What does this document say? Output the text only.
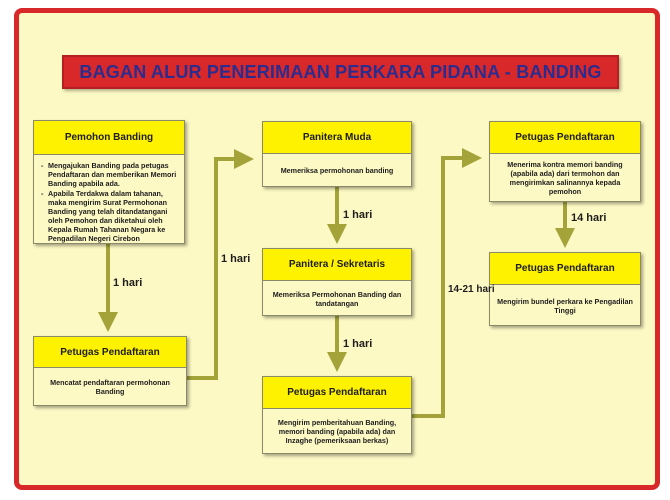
BAGAN ALUR PENERIMAAN PERKARA PIDANA - BANDING
Pemohon Banding
- Mengajukan Banding pada petugas Pendaftaran dan memberikan Memori Banding apabila ada.
- Apabila Terdakwa dalam tahanan, maka mengirim Surat Permohonan Banding yang telah ditandatangani oleh Pemohon dan diketahui oleh Kepala Rumah Tahanan Negara ke Pengadilan Negeri Cirebon
Petugas Pendaftaran
Mencatat pendaftaran permohonan Banding
Panitera Muda
Memeriksa permohonan banding
Panitera / Sekretaris
Memeriksa Permohonan Banding dan tandatangan
Petugas Pendaftaran
Mengirim pemberitahuan Banding, memori banding (apabila ada) dan Inzaghe (pemeriksaan berkas)
Petugas Pendaftaran
Menerima kontra memori banding (apabila ada) dari termohon dan mengirimkan salinannya kepada pemohon
Petugas Pendaftaran
Mengirim bundel perkara ke Pengadilan Tinggi
1 hari
1 hari
1 hari
1 hari
14-21 hari
14 hari
